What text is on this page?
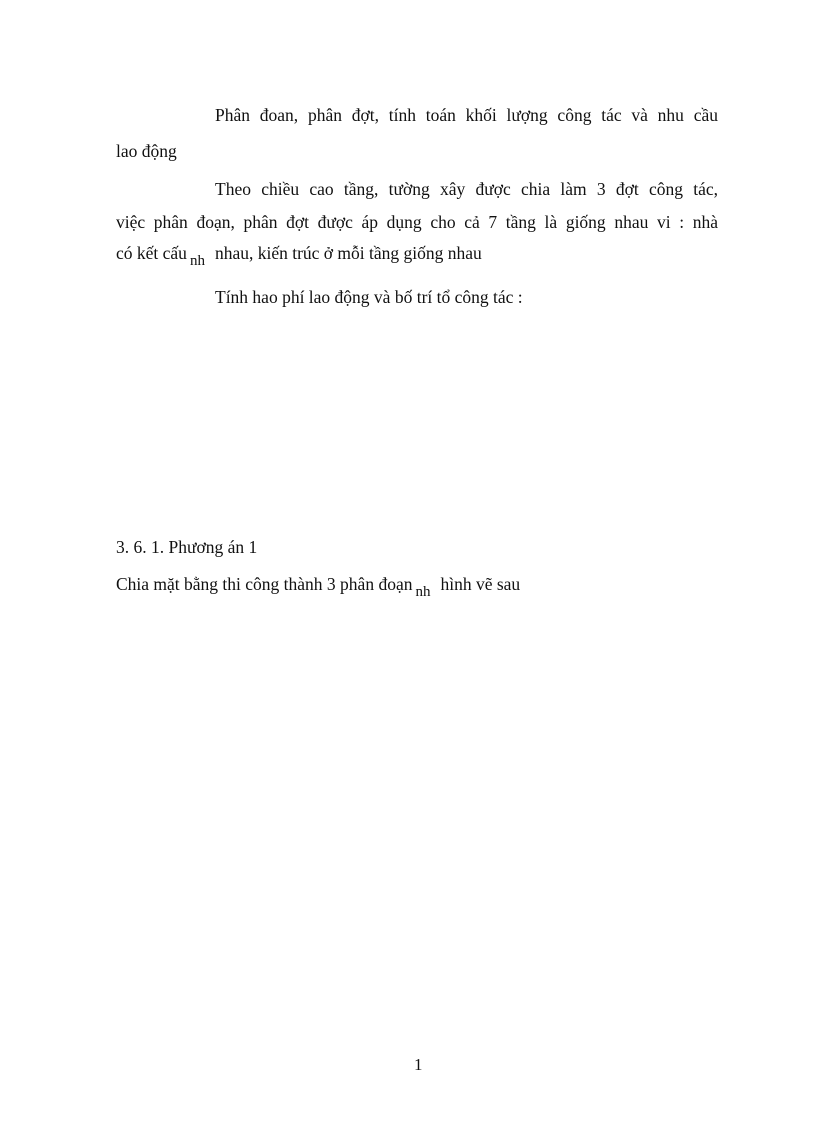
Phân đoan, phân đợt, tính toán khối lượng công tác và nhu cầu
lao động
Theo chiều cao tầng, tường xây được chia làm 3 đợt công tác,
việc phân đoạn, phân đợt được áp dụng cho cả 7 tầng là giống nhau vi : nhà
có kết cấu nh nhau, kiến trúc ở mỗi tầng giống nhau
Tính hao phí lao động và bố trí tổ công tác :
3. 6. 1. Phương án 1
Chia mặt bằng thi công thành 3 phân đoạn nh hình vẽ sau
1
